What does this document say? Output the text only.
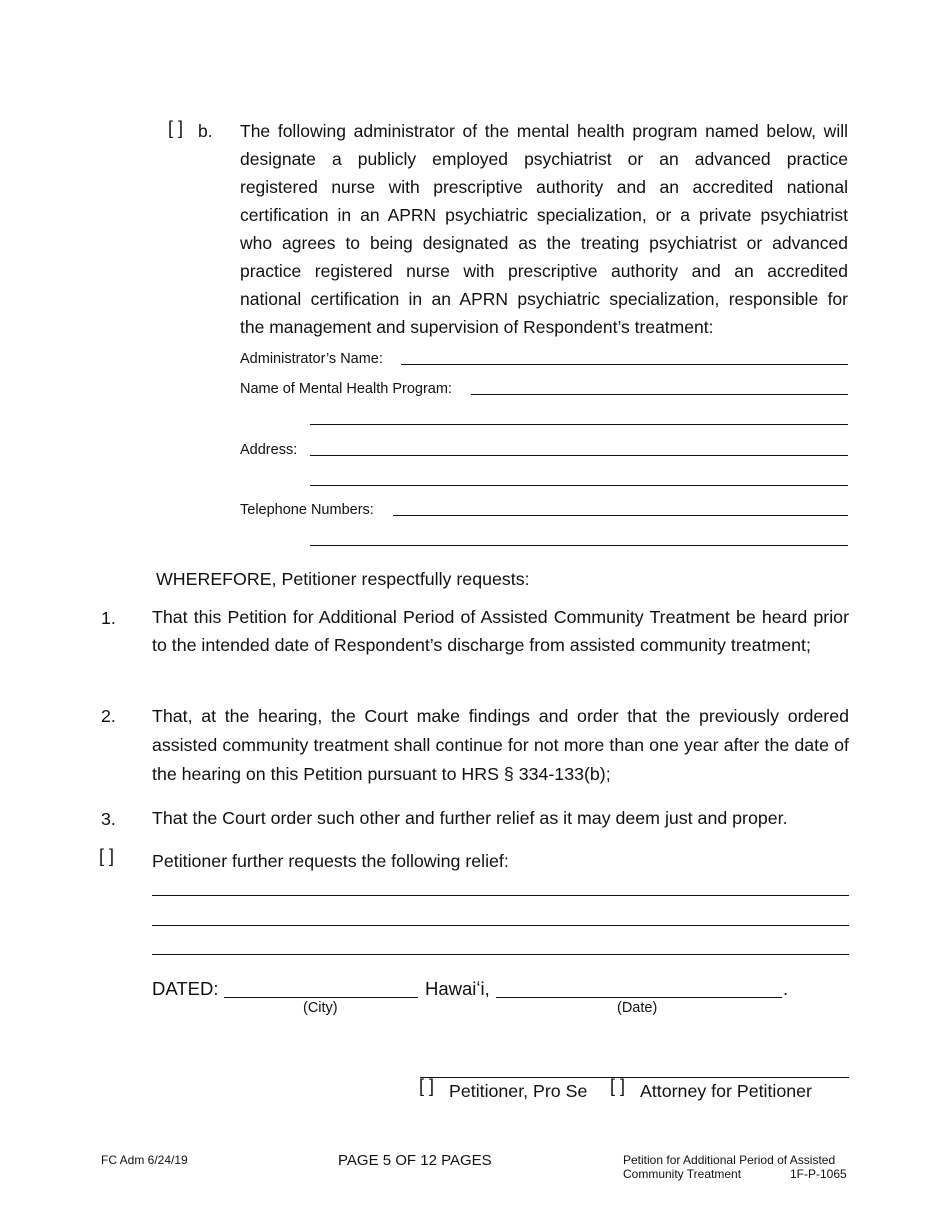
[ ] b. The following administrator of the mental health program named below, will
designate a publicly employed psychiatrist or an advanced practice
registered nurse with prescriptive authority and an accredited national
certification in an APRN psychiatric specialization, or a private psychiatrist
who agrees to being designated as the treating psychiatrist or advanced
practice registered nurse with prescriptive authority and an accredited
national certification in an APRN psychiatric specialization, responsible for
the management and supervision of Respondent’s treatment:
Administrator’s Name:
Name of Mental Health Program:
Address:
Telephone Numbers:
WHEREFORE, Petitioner respectfully requests:
1. That this Petition for Additional Period of Assisted Community Treatment be heard prior to the intended date of Respondent’s discharge from assisted community treatment;
2. That, at the hearing, the Court make findings and order that the previously ordered assisted community treatment shall continue for not more than one year after the date of the hearing on this Petition pursuant to HRS § 334-133(b);
3. That the Court order such other and further relief as it may deem just and proper.
[ ] Petitioner further requests the following relief:
DATED:
(City)
Hawaiʻi,	.
(Date)
[ ] Petitioner, Pro Se [ ] Attorney for Petitioner
FC Adm 6/24/19	PAGE 5 OF 12 PAGES	Petition for Additional Period of Assisted
Community Treatment	1F-P-1065
